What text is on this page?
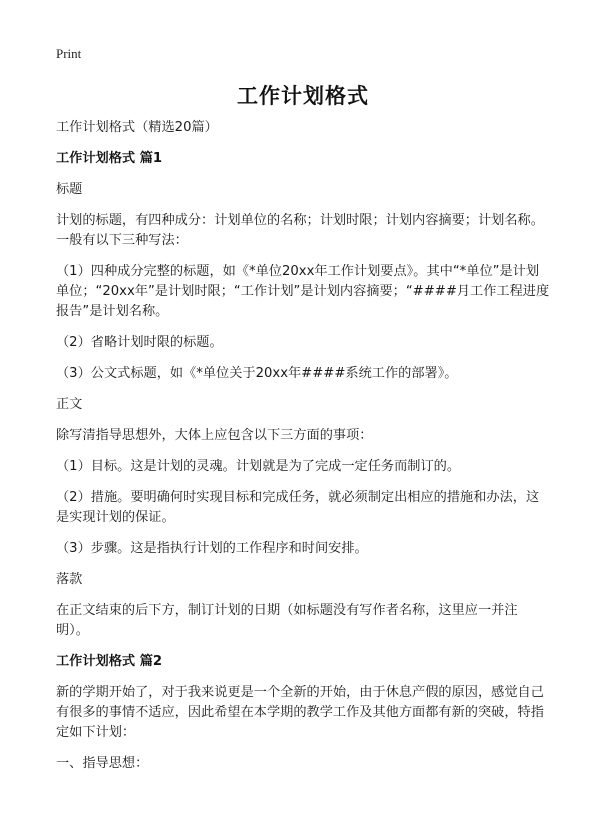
Print
工作计划格式
工作计划格式（精选20篇）
工作计划格式 篇1
标题
计划的标题，有四种成分：计划单位的名称；计划时限；计划内容摘要；计划名称。一般有以下三种写法：
（1）四种成分完整的标题，如《*单位20xx年工作计划要点》。其中“*单位”是计划单位；“20xx年”是计划时限；“工作计划”是计划内容摘要；“####月工作工程进度报告”是计划名称。
（2）省略计划时限的标题。
（3）公文式标题，如《*单位关于20xx年####系统工作的部署》。
正文
除写清指导思想外，大体上应包含以下三方面的事项：
（1）目标。这是计划的灵魂。计划就是为了完成一定任务而制订的。
（2）措施。要明确何时实现目标和完成任务，就必须制定出相应的措施和办法，这是实现计划的保证。
（3）步骤。这是指执行计划的工作程序和时间安排。
落款
在正文结束的后下方，制订计划的日期（如标题没有写作者名称，这里应一并注明）。
工作计划格式 篇2
新的学期开始了，对于我来说更是一个全新的开始，由于休息产假的原因，感觉自己有很多的事情不适应，因此希望在本学期的教学工作及其他方面都有新的突破，特指定如下计划：
一、指导思想：
